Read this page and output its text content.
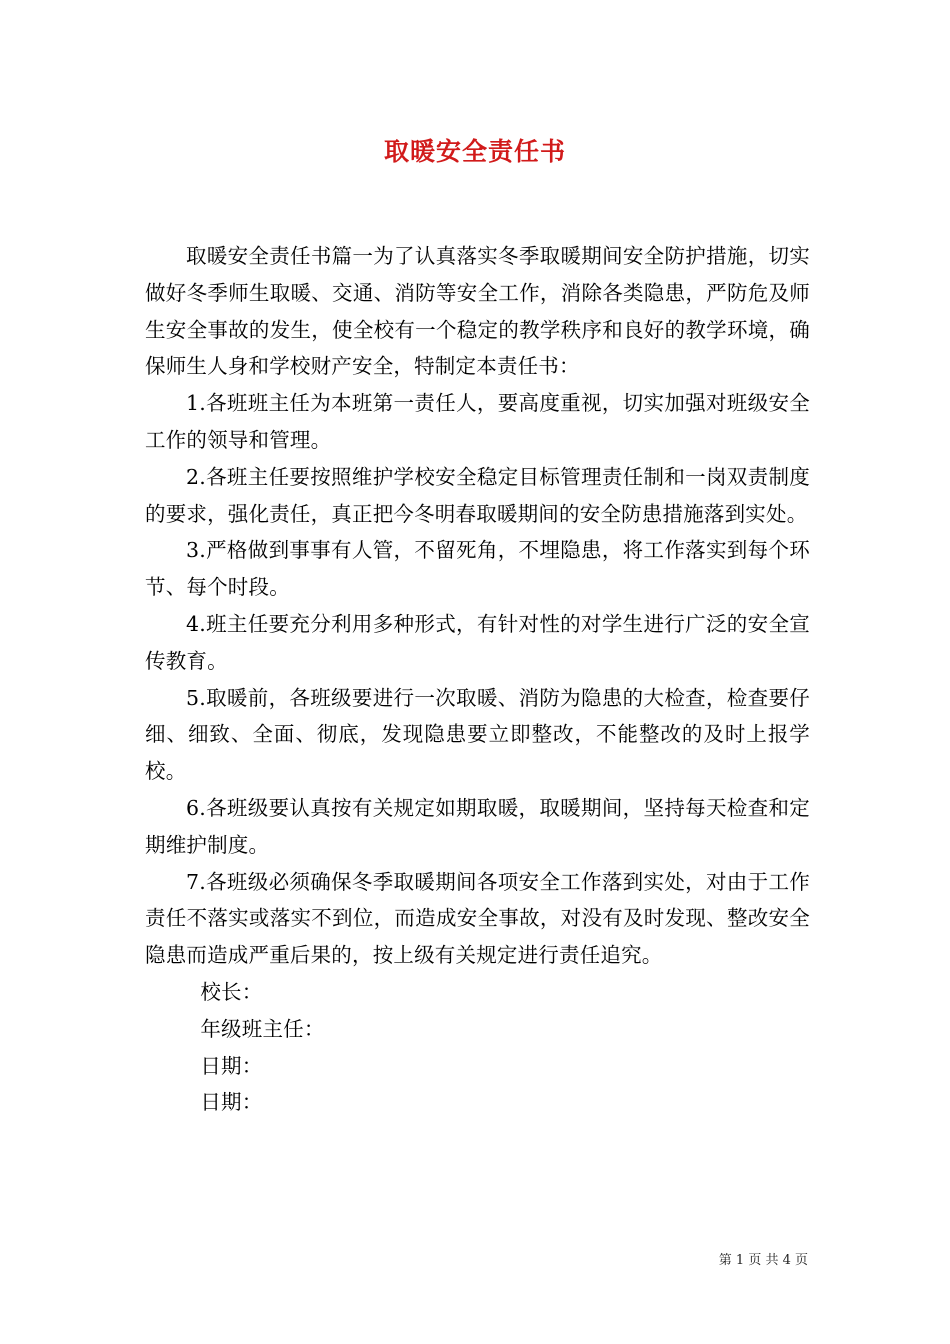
取暖安全责任书

取暖安全责任书篇一为了认真落实冬季取暖期间安全防护措施，切实做好冬季师生取暖、交通、消防等安全工作，消除各类隐患，严防危及师生安全事故的发生，使全校有一个稳定的教学秩序和良好的教学环境，确保师生人身和学校财产安全，特制定本责任书：

1.各班班主任为本班第一责任人，要高度重视，切实加强对班级安全工作的领导和管理。

2.各班主任要按照维护学校安全稳定目标管理责任制和一岗双责制度的要求，强化责任，真正把今冬明春取暖期间的安全防患措施落到实处。

3.严格做到事事有人管，不留死角，不埋隐患，将工作落实到每个环节、每个时段。

4.班主任要充分利用多种形式，有针对性的对学生进行广泛的安全宣传教育。

5.取暖前，各班级要进行一次取暖、消防为隐患的大检查，检查要仔细、细致、全面、彻底，发现隐患要立即整改，不能整改的及时上报学校。

6.各班级要认真按有关规定如期取暖，取暖期间，坚持每天检查和定期维护制度。

7.各班级必须确保冬季取暖期间各项安全工作落到实处，对由于工作责任不落实或落实不到位，而造成安全事故，对没有及时发现、整改安全隐患而造成严重后果的，按上级有关规定进行责任追究。

校长：

年级班主任：

日期：

日期：

第 1 页 共 4 页
